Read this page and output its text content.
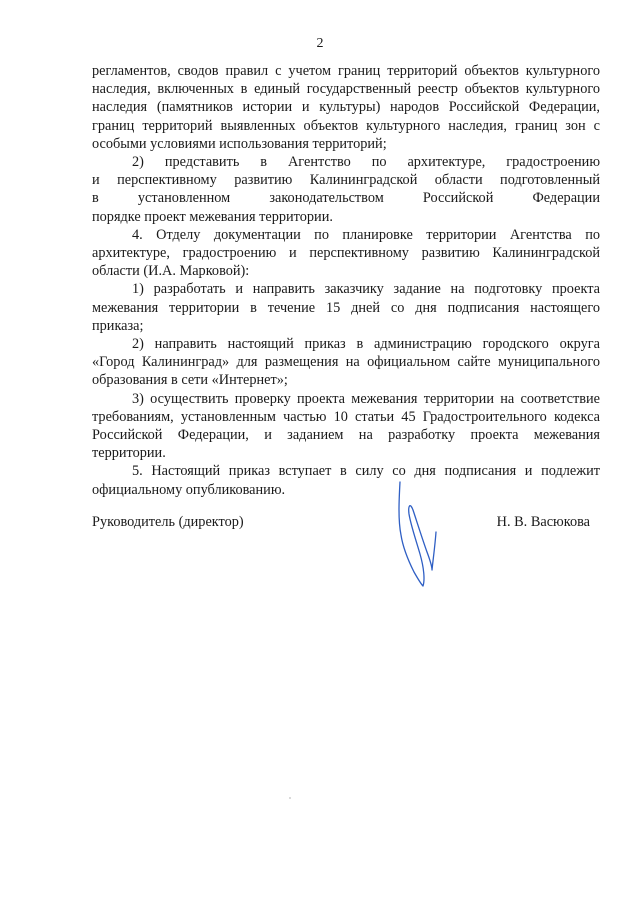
2

регламентов, сводов правил с учетом границ территорий объектов культурного
наследия, включенных в единый государственный реестр объектов культурного
наследия (памятников истории и культуры) народов Российской Федерации,
границ территорий выявленных объектов культурного наследия, границ зон с
особыми условиями использования территорий;

2) представить в Агентство по архитектуре, градостроению
и перспективному развитию Калининградской области подготовленный
в установленном законодательством Российской Федерации
порядке проект межевания территории.

4. Отделу документации по планировке территории Агентства по
архитектуре, градостроению и перспективному развитию Калининградской
области (И.А. Марковой):

1) разработать и направить заказчику задание на подготовку проекта
межевания территории в течение 15 дней со дня подписания настоящего
приказа;

2) направить настоящий приказ в администрацию городского округа
«Город Калининград» для размещения на официальном сайте муниципального
образования в сети «Интернет»;

3) осуществить проверку проекта межевания территории на соответствие
требованиям, установленным частью 10 статьи 45 Градостроительного кодекса
Российской Федерации, и заданием на разработку проекта межевания
территории.

5. Настоящий приказ вступает в силу со дня подписания и подлежит
официальному опубликованию.

Руководитель (директор)	Н. В. Васюкова
